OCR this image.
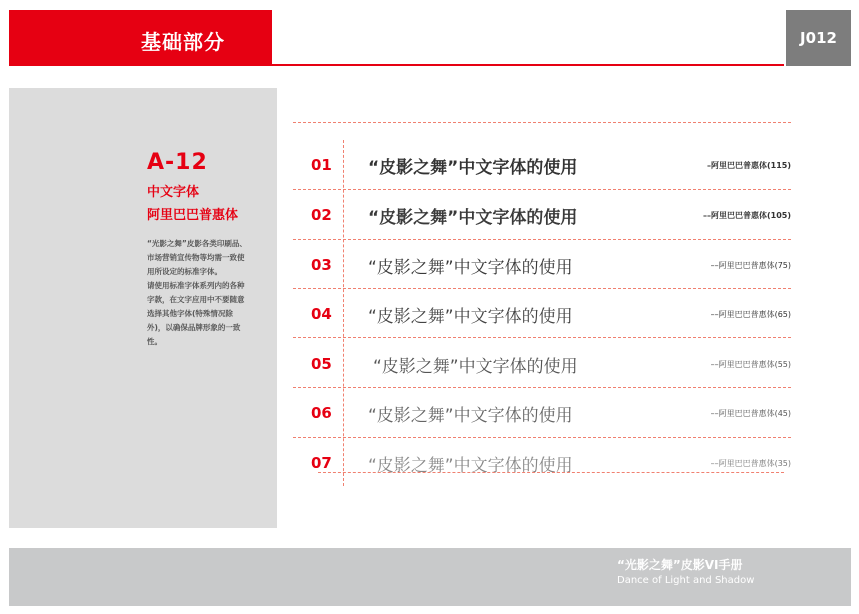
基础部分	J012
A-12
中文字体
阿里巴巴普惠体

“光影之舞”皮影各类印刷品、市场营销宣传物等均需一致使用所设定的标准字体。

请使用标准字体系列内的各种字款，在文字应用中不要随意选择其他字体(特殊情况除外)，以确保品牌形象的一致性。

01 “皮影之舞”中文字体的使用	–阿里巴巴普惠体(115)
02 “皮影之舞”中文字体的使用	––阿里巴巴普惠体(105)
03 “皮影之舞”中文字体的使用	––阿里巴巴普惠体(75)
04 “皮影之舞”中文字体的使用	––阿里巴巴普惠体(65)
05 “皮影之舞”中文字体的使用	––阿里巴巴普惠体(55)
06 “皮影之舞”中文字体的使用	––阿里巴巴普惠体(45)
07 “皮影之舞”中文字体的使用	––阿里巴巴普惠体(35)
“光影之舞”皮影VI手册
Dance of Light and Shadow
